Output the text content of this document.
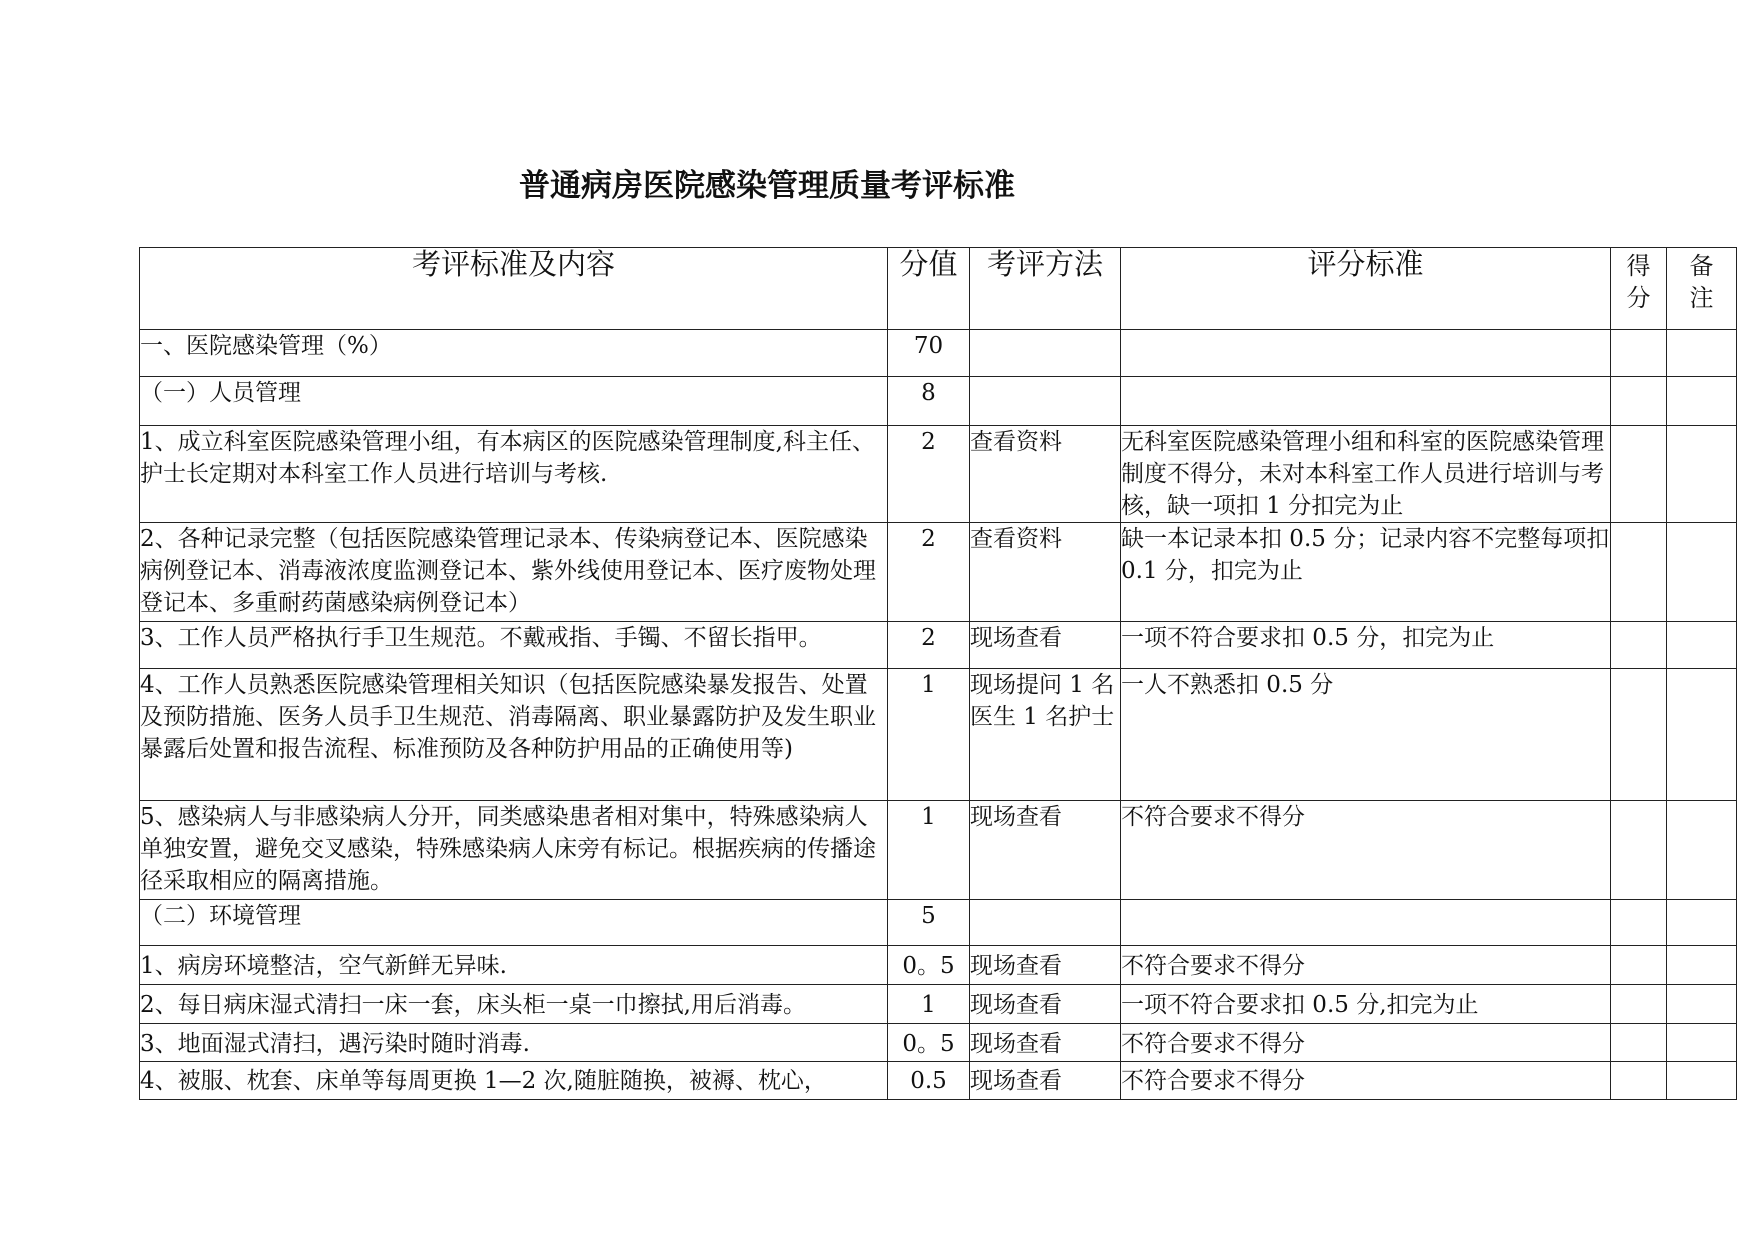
普通病房医院感染管理质量考评标准
考评标准及内容	分值	考评方法	评分标准	得分	备注

一、医院感染管理（%）	70				
（一）人员管理	8				
1、成立科室医院感染管理小组，有本病区的医院感染管理制度,科主任、护士长定期对本科室工作人员进行培训与考核.	2	查看资料	无科室医院感染管理小组和科室的医院感染管理制度不得分，未对本科室工作人员进行培训与考核，缺一项扣 1 分扣完为止		
2、各种记录完整（包括医院感染管理记录本、传染病登记本、医院感染病例登记本、消毒液浓度监测登记本、紫外线使用登记本、医疗废物处理登记本、多重耐药菌感染病例登记本）	2	查看资料	缺一本记录本扣 0.5 分；记录内容不完整每项扣 0.1 分，扣完为止		
3、工作人员严格执行手卫生规范。不戴戒指、手镯、不留长指甲。	2	现场查看	一项不符合要求扣 0.5 分，扣完为止		
4、工作人员熟悉医院感染管理相关知识（包括医院感染暴发报告、处置及预防措施、医务人员手卫生规范、消毒隔离、职业暴露防护及发生职业暴露后处置和报告流程、标准预防及各种防护用品的正确使用等)	1	现场提问 1 名医生 1 名护士	一人不熟悉扣 0.5 分		
5、感染病人与非感染病人分开，同类感染患者相对集中，特殊感染病人单独安置，避免交叉感染，特殊感染病人床旁有标记。根据疾病的传播途径采取相应的隔离措施。	1	现场查看	不符合要求不得分		
（二）环境管理	5				
1、病房环境整洁，空气新鲜无异味.	0。5	现场查看	不符合要求不得分		
2、每日病床湿式清扫一床一套，床头柜一桌一巾擦拭,用后消毒。	1	现场查看	一项不符合要求扣 0.5 分,扣完为止		
3、地面湿式清扫，遇污染时随时消毒.	0。5	现场查看	不符合要求不得分		
4、被服、枕套、床单等每周更换 1—2 次,随脏随换，被褥、枕心，	0.5	现场查看	不符合要求不得分		
